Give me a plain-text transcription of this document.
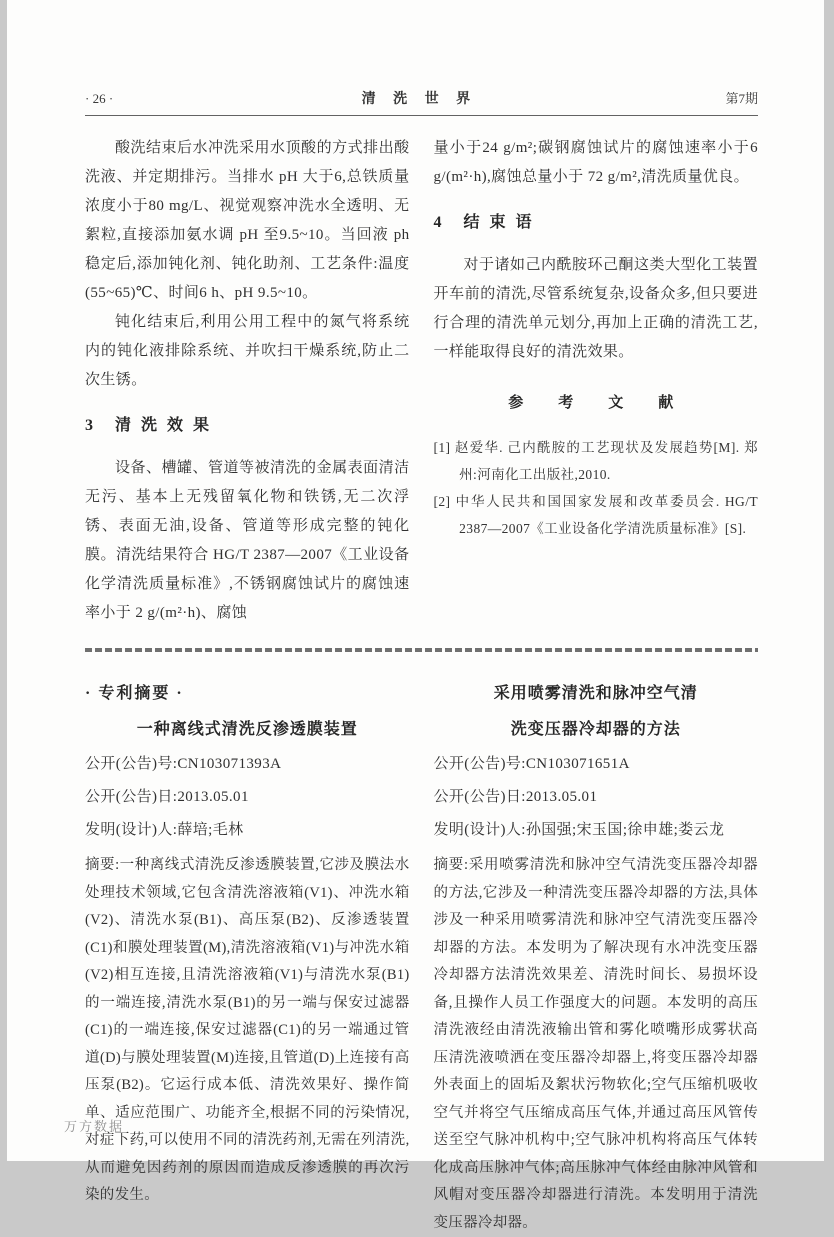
· 26 ·	清 洗 世 界	第7期

酸洗结束后水冲洗采用水顶酸的方式排出酸洗液、并定期排污。当排水 pH 大于6,总铁质量浓度小于80 mg/L、视觉观察冲洗水全透明、无絮粒,直接添加氨水调 pH 至9.5~10。当回液 ph 稳定后,添加钝化剂、钝化助剂、工艺条件:温度(55~65)℃、时间6 h、pH 9.5~10。

钝化结束后,利用公用工程中的氮气将系统内的钝化液排除系统、并吹扫干燥系统,防止二次生锈。

3　清 洗 效 果

设备、槽罐、管道等被清洗的金属表面清洁无污、基本上无残留氧化物和铁锈,无二次浮锈、表面无油,设备、管道等形成完整的钝化膜。清洗结果符合 HG/T 2387—2007《工业设备化学清洗质量标准》,不锈钢腐蚀试片的腐蚀速率小于 2 g/(m²·h)、腐蚀

量小于24 g/m²;碳钢腐蚀试片的腐蚀速率小于6 g/(m²·h),腐蚀总量小于 72 g/m²,清洗质量优良。

4　结 束 语

对于诸如己内酰胺环己酮这类大型化工装置开车前的清洗,尽管系统复杂,设备众多,但只要进行合理的清洗单元划分,再加上正确的清洗工艺,一样能取得良好的清洗效果。

参　考　文　献

[1] 赵爱华. 己内酰胺的工艺现状及发展趋势[M]. 郑州:河南化工出版社,2010.

[2] 中华人民共和国国家发展和改革委员会. HG/T 2387—2007《工业设备化学清洗质量标准》[S].

· 专利摘要 ·
一种离线式清洗反渗透膜装置
公开(公告)号:CN103071393A
公开(公告)日:2013.05.01
发明(设计)人:薛培;毛林
摘要:一种离线式清洗反渗透膜装置,它涉及膜法水处理技术领域,它包含清洗溶液箱(V1)、冲洗水箱(V2)、清洗水泵(B1)、高压泵(B2)、反渗透装置(C1)和膜处理装置(M),清洗溶液箱(V1)与冲洗水箱(V2)相互连接,且清洗溶液箱(V1)与清洗水泵(B1)的一端连接,清洗水泵(B1)的另一端与保安过滤器(C1)的一端连接,保安过滤器(C1)的另一端通过管道(D)与膜处理装置(M)连接,且管道(D)上连接有高压泵(B2)。它运行成本低、清洗效果好、操作简单、适应范围广、功能齐全,根据不同的污染情况,对症下药,可以使用不同的清洗药剂,无需在列清洗,从而避免因药剂的原因而造成反渗透膜的再次污染的发生。
采用喷雾清洗和脉冲空气清
洗变压器冷却器的方法
公开(公告)号:CN103071651A
公开(公告)日:2013.05.01
发明(设计)人:孙国强;宋玉国;徐申雄;娄云龙
摘要:采用喷雾清洗和脉冲空气清洗变压器冷却器的方法,它涉及一种清洗变压器冷却器的方法,具体涉及一种采用喷雾清洗和脉冲空气清洗变压器冷却器的方法。本发明为了解决现有水冲洗变压器冷却器方法清洗效果差、清洗时间长、易损坏设备,且操作人员工作强度大的问题。本发明的高压清洗液经由清洗液输出管和雾化喷嘴形成雾状高压清洗液喷洒在变压器冷却器上,将变压器冷却器外表面上的固垢及絮状污物软化;空气压缩机吸收空气并将空气压缩成高压气体,并通过高压风管传送至空气脉冲机构中;空气脉冲机构将高压气体转化成高压脉冲气体;高压脉冲气体经由脉冲风管和风帽对变压器冷却器进行清洗。本发明用于清洗变压器冷却器。
万方数据
